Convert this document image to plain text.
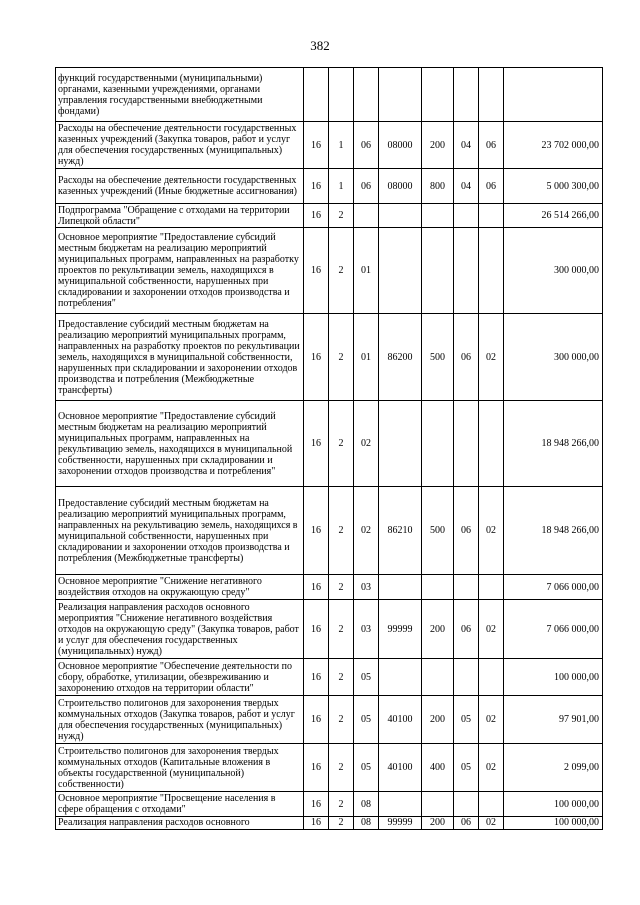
382
функций государственными (муниципальными) органами, казенными учреждениями, органами управления государственными внебюджетными фондами)								
Расходы на обеспечение деятельности государственных казенных учреждений (Закупка товаров, работ и услуг для обеспечения государственных (муниципальных) нужд)	16	1	06	08000	200	04	06	23 702 000,00
Расходы на обеспечение деятельности государственных казенных учреждений (Иные бюджетные ассигнования)	16	1	06	08000	800	04	06	5 000 300,00
Подпрограмма "Обращение с отходами на территории Липецкой области"	16	2						26 514 266,00
Основное мероприятие "Предоставление субсидий местным бюджетам на реализацию мероприятий муниципальных программ, направленных на разработку проектов по рекультивации земель, находящихся в муниципальной собственности, нарушенных при складировании и захоронении отходов производства и потребления"	16	2	01					300 000,00
Предоставление субсидий местным бюджетам на реализацию мероприятий муниципальных программ, направленных на разработку проектов по рекультивации земель, находящихся в муниципальной собственности, нарушенных при складировании и захоронении отходов производства и потребления (Межбюджетные трансферты)	16	2	01	86200	500	06	02	300 000,00
Основное мероприятие "Предоставление субсидий местным бюджетам на реализацию мероприятий муниципальных программ, направленных на рекультивацию земель, находящихся в муниципальной собственности, нарушенных при складировании и захоронении отходов производства и потребления"	16	2	02					18 948 266,00
Предоставление субсидий местным бюджетам на реализацию мероприятий муниципальных программ, направленных на рекультивацию земель, находящихся в муниципальной собственности, нарушенных при складировании и захоронении отходов производства и потребления (Межбюджетные трансферты)	16	2	02	86210	500	06	02	18 948 266,00
Основное мероприятие "Снижение негативного воздействия отходов на окружающую среду"	16	2	03					7 066 000,00
Реализация направления расходов основного мероприятия "Снижение негативного воздействия отходов на окружающую среду" (Закупка товаров, работ и услуг для обеспечения государственных (муниципальных) нужд)	16	2	03	99999	200	06	02	7 066 000,00
Основное мероприятие "Обеспечение деятельности по сбору, обработке, утилизации, обезвреживанию и захоронению отходов на территории области"	16	2	05					100 000,00
Строительство полигонов для захоронения твердых коммунальных отходов (Закупка товаров, работ и услуг для обеспечения государственных (муниципальных) нужд)	16	2	05	40100	200	05	02	97 901,00
Строительство полигонов для захоронения твердых коммунальных отходов (Капитальные вложения в объекты государственной (муниципальной) собственности)	16	2	05	40100	400	05	02	2 099,00
Основное мероприятие "Просвещение населения в сфере обращения с отходами"	16	2	08					100 000,00
Реализация направления расходов основного	16	2	08	99999	200	06	02	100 000,00
